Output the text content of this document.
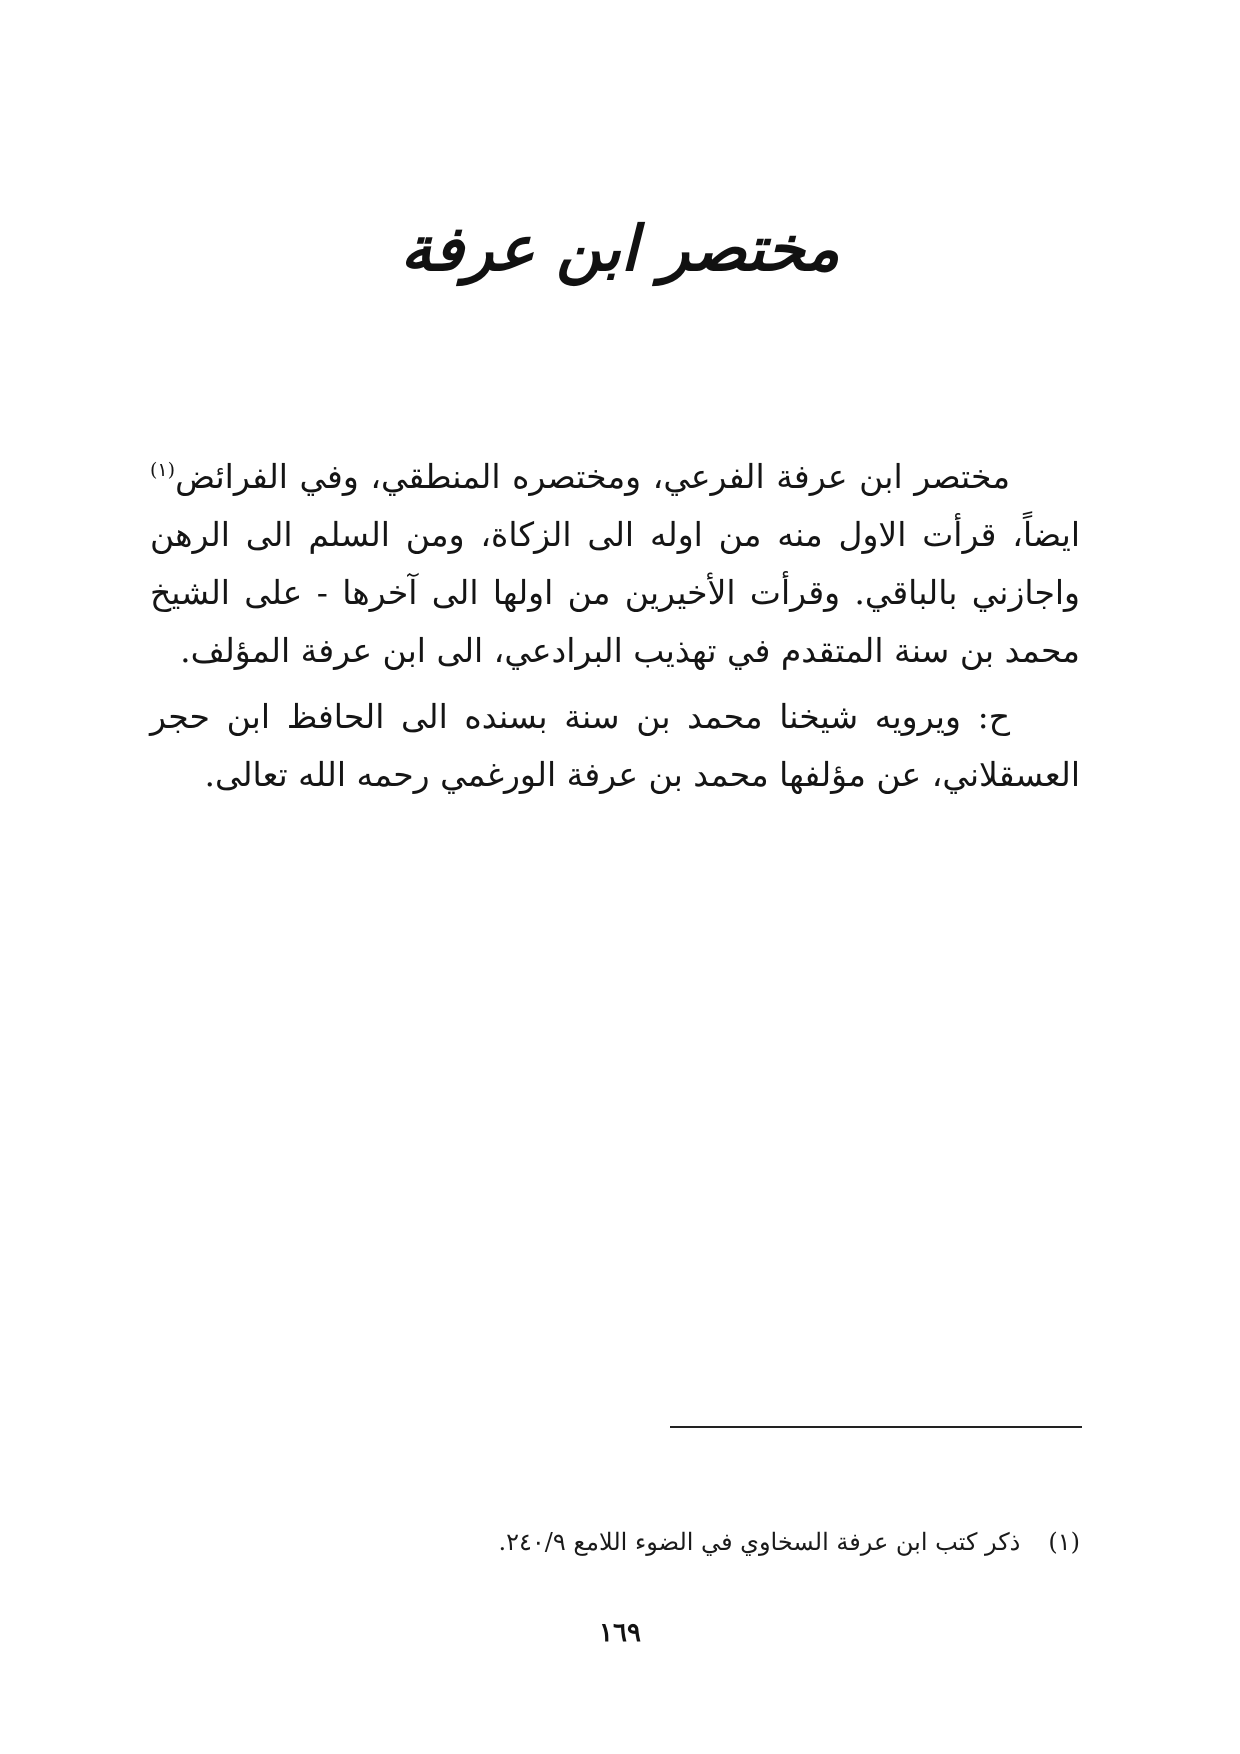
مختصر ابن عرفة

مختصر ابن عرفة الفرعي، ومختصره المنطقي، وفي الفرائض$^{(١)}$ ايضاً، قرأت الاول منه من اوله الى الزكاة، ومن السلم الى الرهن واجازني بالباقي. وقرأت الأخيرين من اولها الى آخرها - على الشيخ محمد بن سنة المتقدم في تهذيب البرادعي، الى ابن عرفة المؤلف.

ح: ويرويه شيخنا محمد بن سنة بسنده الى الحافظ ابن حجر العسقلاني، عن مؤلفها محمد بن عرفة الورغمي رحمه الله تعالى.

(١)ذكر كتب ابن عرفة السخاوي في الضوء اللامع ٢٤٠/٩.
١٦٩
